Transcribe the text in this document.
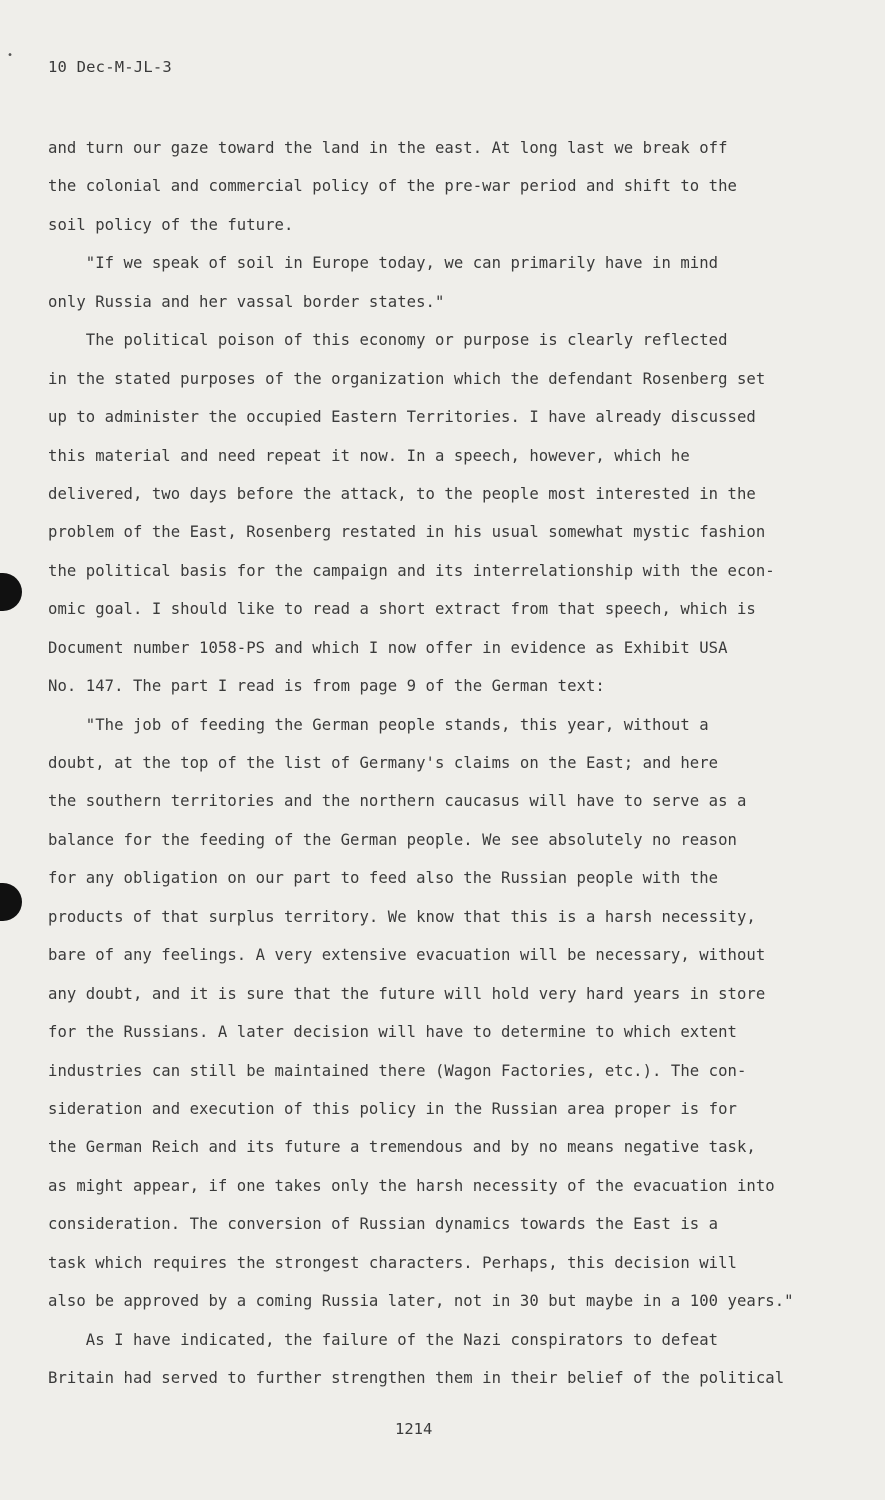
•
10 Dec-M-JL-3
and turn our gaze toward the land in the east. At long last we break off
the colonial and commercial policy of the pre-war period and shift to the
soil policy of the future.
"If we speak of soil in Europe today, we can primarily have in mind
only Russia and her vassal border states."
The political poison of this economy or purpose is clearly reflected
in the stated purposes of the organization which the defendant Rosenberg set
up to administer the occupied Eastern Territories. I have already discussed
this material and need repeat it now. In a speech, however, which he
delivered, two days before the attack, to the people most interested in the
problem of the East, Rosenberg restated in his usual somewhat mystic fashion
the political basis for the campaign and its interrelationship with the econ-
omic goal. I should like to read a short extract from that speech, which is
Document number 1058-PS and which I now offer in evidence as Exhibit USA
No. 147. The part I read is from page 9 of the German text:
"The job of feeding the German people stands, this year, without a
doubt, at the top of the list of Germany's claims on the East; and here
the southern territories and the northern caucasus will have to serve as a
balance for the feeding of the German people. We see absolutely no reason
for any obligation on our part to feed also the Russian people with the
products of that surplus territory. We know that this is a harsh necessity,
bare of any feelings. A very extensive evacuation will be necessary, without
any doubt, and it is sure that the future will hold very hard years in store
for the Russians. A later decision will have to determine to which extent
industries can still be maintained there (Wagon Factories, etc.). The con-
sideration and execution of this policy in the Russian area proper is for
the German Reich and its future a tremendous and by no means negative task,
as might appear, if one takes only the harsh necessity of the evacuation into
consideration. The conversion of Russian dynamics towards the East is a
task which requires the strongest characters. Perhaps, this decision will
also be approved by a coming Russia later, not in 30 but maybe in a 100 years."
As I have indicated, the failure of the Nazi conspirators to defeat
Britain had served to further strengthen them in their belief of the political
1214
